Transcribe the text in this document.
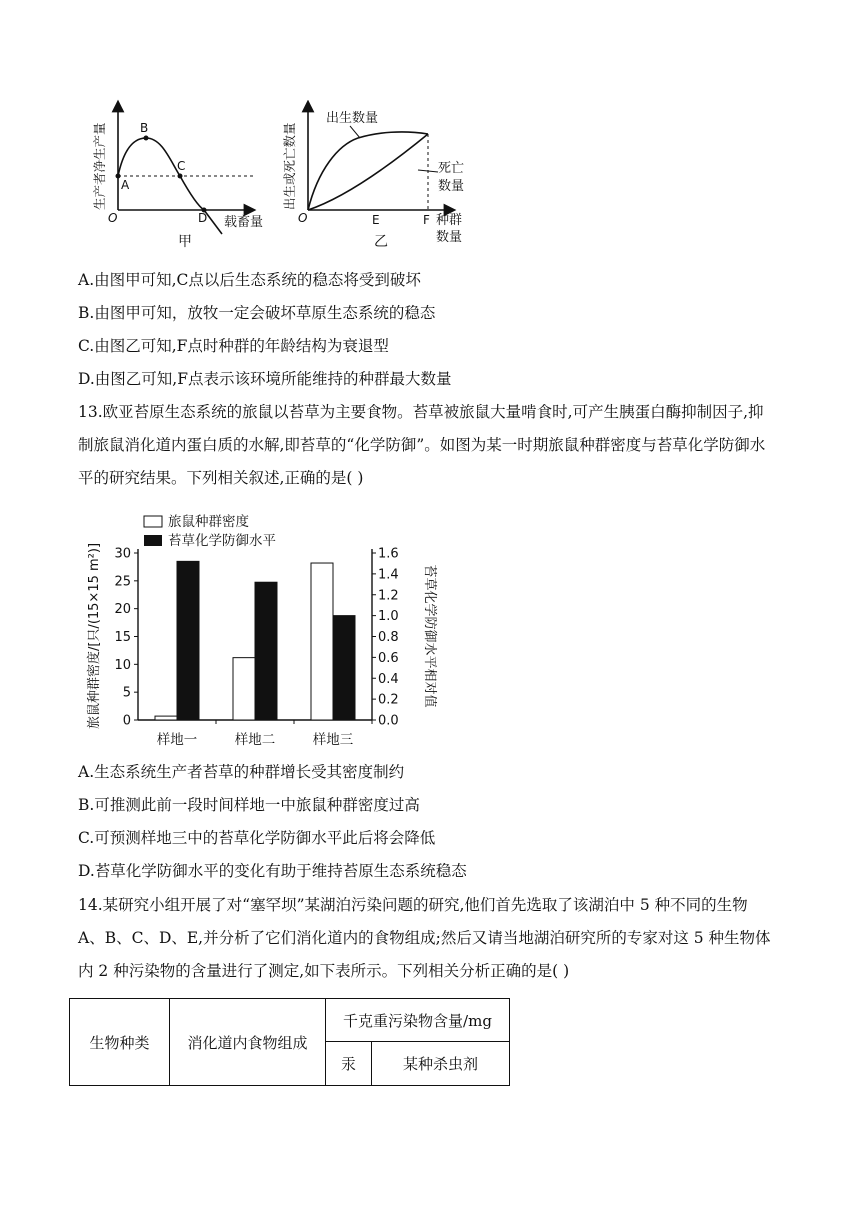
A
B
C
D
O	载畜量
甲
生产者净生产量
出生数量
死亡
数量
O	E	F 种群
数量
乙
出生或死亡数量
A.由图甲可知,C点以后生态系统的稳态将受到破坏
B.由图甲可知，放牧一定会破坏草原生态系统的稳态
C.由图乙可知,F点时种群的年龄结构为衰退型
D.由图乙可知,F点表示该环境所能维持的种群最大数量
13.欧亚苔原生态系统的旅鼠以苔草为主要食物。苔草被旅鼠大量啃食时,可产生胰蛋白酶抑制因子,抑制旅鼠消化道内蛋白质的水解,即苔草的“化学防御”。如图为某一时期旅鼠种群密度与苔草化学防御水平的研究结果。下列相关叙述,正确的是( )
旅鼠种群密度
苔草化学防御水平
旅鼠种群密度/[只/(15×15 m²)]	苔草化学防御水平相对值
0
5
10
15
20
25
30
0.0
0.2
0.4
0.6
0.8
1.0
1.2
1.4
1.6
样地一	样地二	样地三
A.生态系统生产者苔草的种群增长受其密度制约
B.可推测此前一段时间样地一中旅鼠种群密度过高
C.可预测样地三中的苔草化学防御水平此后将会降低
D.苔草化学防御水平的变化有助于维持苔原生态系统稳态
14.某研究小组开展了对“塞罕坝”某湖泊污染问题的研究,他们首先选取了该湖泊中 5 种不同的生物 A、B、C、D、E,并分析了它们消化道内的食物组成;然后又请当地湖泊研究所的专家对这 5 种生物体内 2 种污染物的含量进行了测定,如下表所示。下列相关分析正确的是( )
生物种类	消化道内食物组成	千克重污染物含量/mg	
		汞	某种杀虫剂
